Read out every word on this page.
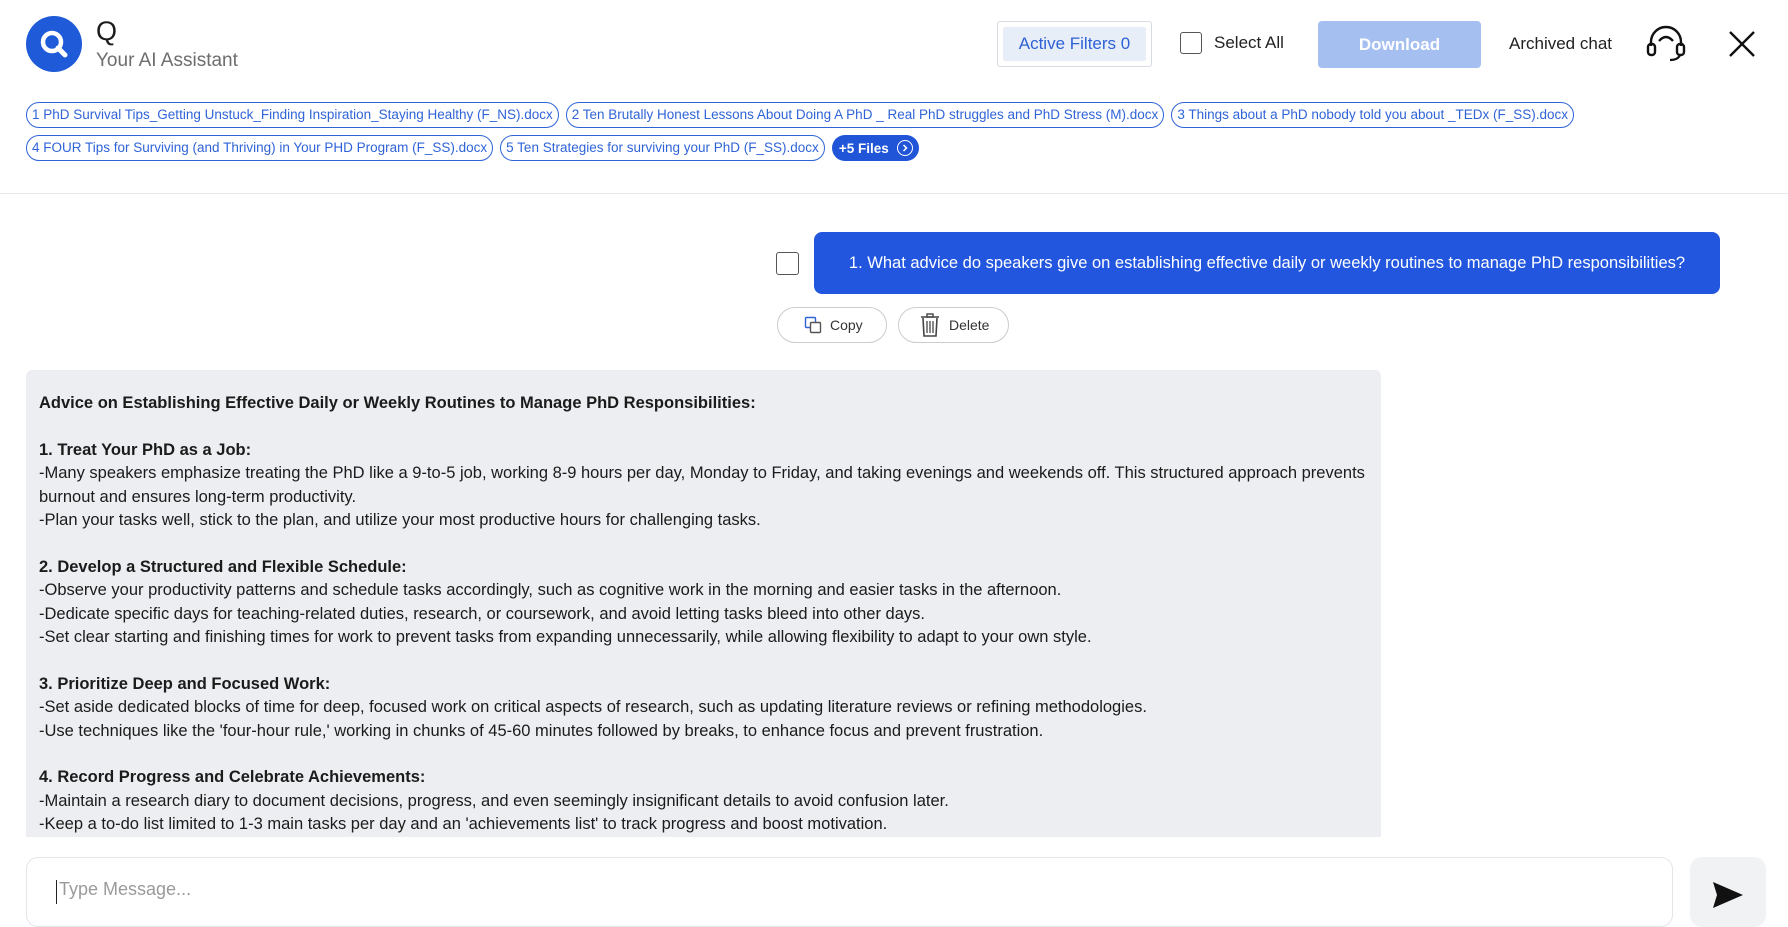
Q
Your AI Assistant
Active Filters 0	Select All	Download	Archived chat
1 PhD Survival Tips_Getting Unstuck_Finding Inspiration_Staying Healthy (F_NS).docx	2 Ten Brutally Honest Lessons About Doing A PhD _ Real PhD struggles and PhD Stress (M).docx	3 Things about a PhD nobody told you about _TEDx (F_SS).docx
4 FOUR Tips for Surviving (and Thriving) in Your PHD Program (F_SS).docx	5 Ten Strategies for surviving your PhD (F_SS).docx	+5 Files
1. What advice do speakers give on establishing effective daily or weekly routines to manage PhD responsibilities?
Copy	Delete
Advice on Establishing Effective Daily or Weekly Routines to Manage PhD Responsibilities:
1. Treat Your PhD as a Job:
-Many speakers emphasize treating the PhD like a 9-to-5 job, working 8-9 hours per day, Monday to Friday, and taking evenings and weekends off. This structured approach prevents burnout and ensures long-term productivity.
-Plan your tasks well, stick to the plan, and utilize your most productive hours for challenging tasks.
2. Develop a Structured and Flexible Schedule:
-Observe your productivity patterns and schedule tasks accordingly, such as cognitive work in the morning and easier tasks in the afternoon.
-Dedicate specific days for teaching-related duties, research, or coursework, and avoid letting tasks bleed into other days.
-Set clear starting and finishing times for work to prevent tasks from expanding unnecessarily, while allowing flexibility to adapt to your own style.
3. Prioritize Deep and Focused Work:
-Set aside dedicated blocks of time for deep, focused work on critical aspects of research, such as updating literature reviews or refining methodologies.
-Use techniques like the 'four-hour rule,' working in chunks of 45-60 minutes followed by breaks, to enhance focus and prevent frustration.
4. Record Progress and Celebrate Achievements:
-Maintain a research diary to document decisions, progress, and even seemingly insignificant details to avoid confusion later.
-Keep a to-do list limited to 1-3 main tasks per day and an 'achievements list' to track progress and boost motivation.
Type Message...
